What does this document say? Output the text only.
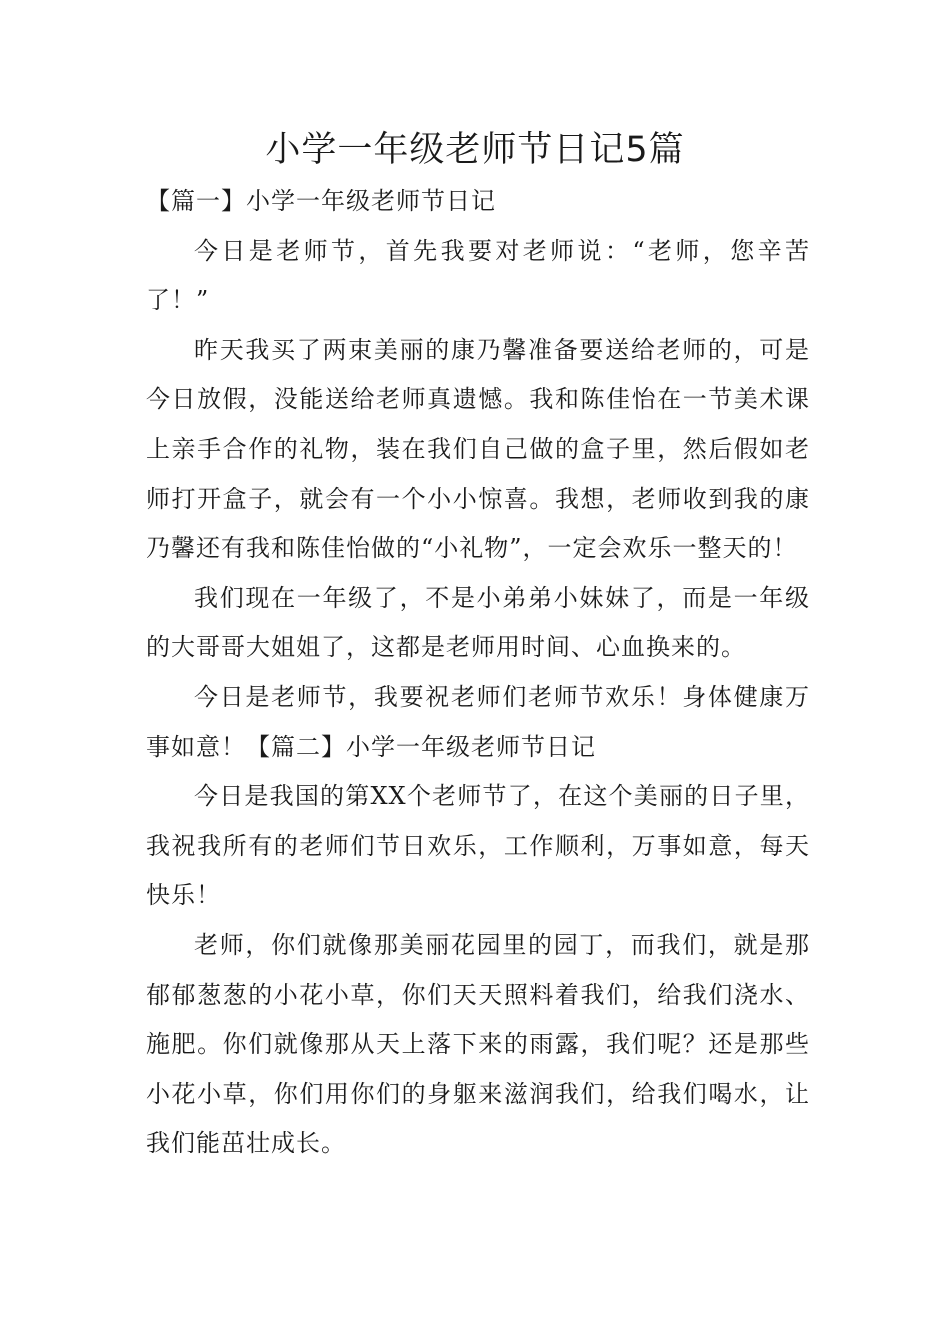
小学一年级老师节日记5篇

【篇一】小学一年级老师节日记

今日是老师节，首先我要对老师说：“老师，您辛苦了！”

昨天我买了两束美丽的康乃馨准备要送给老师的，可是今日放假，没能送给老师真遗憾。我和陈佳怡在一节美术课上亲手合作的礼物，装在我们自己做的盒子里，然后假如老师打开盒子，就会有一个小小惊喜。我想，老师收到我的康乃馨还有我和陈佳怡做的“小礼物”，一定会欢乐一整天的！

我们现在一年级了，不是小弟弟小妹妹了，而是一年级的大哥哥大姐姐了，这都是老师用时间、心血换来的。

今日是老师节，我要祝老师们老师节欢乐！身体健康万事如意！【篇二】小学一年级老师节日记

今日是我国的第XX个老师节了，在这个美丽的日子里，我祝我所有的老师们节日欢乐，工作顺利，万事如意，每天快乐！

老师，你们就像那美丽花园里的园丁，而我们，就是那郁郁葱葱的小花小草，你们天天照料着我们，给我们浇水、施肥。你们就像那从天上落下来的雨露，我们呢？还是那些小花小草，你们用你们的身躯来滋润我们，给我们喝水，让我们能茁壮成长。
